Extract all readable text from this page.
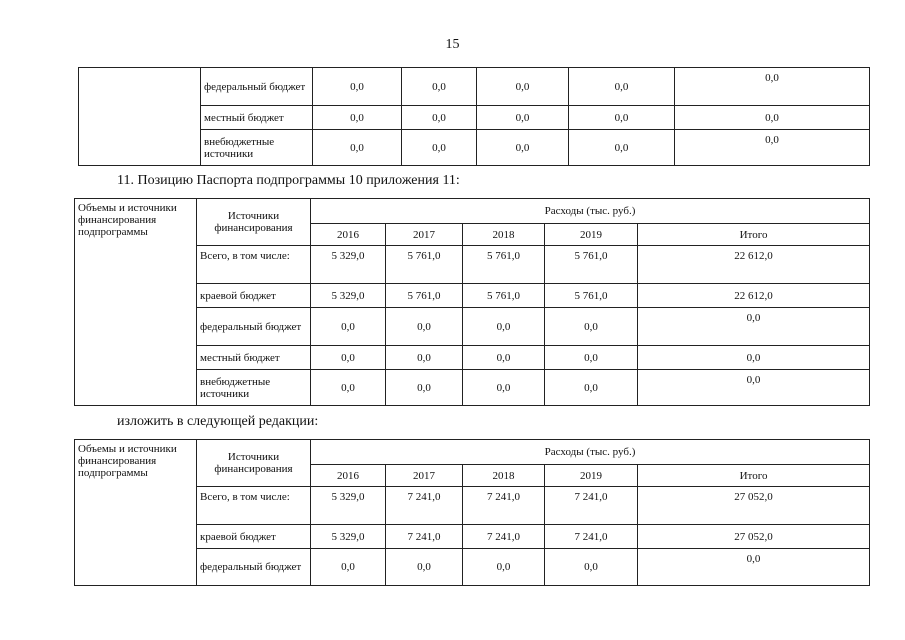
15
	федеральный бюджет	0,0	0,0	0,0	0,0	0,0
	местный бюджет	0,0	0,0	0,0	0,0	0,0
	внебюджетные источники	0,0	0,0	0,0	0,0	0,0
11. Позицию Паспорта подпрограммы 10 приложения 11:
Объемы и источники финансирования подпрограммы	Источники финансирования	Расходы (тыс. руб.)				
		2016	2017	2018	2019	Итого
	Всего, в том числе:	5 329,0	5 761,0	5 761,0	5 761,0	22 612,0
	краевой бюджет	5 329,0	5 761,0	5 761,0	5 761,0	22 612,0
	федеральный бюджет	0,0	0,0	0,0	0,0	0,0
	местный бюджет	0,0	0,0	0,0	0,0	0,0
	внебюджетные источники	0,0	0,0	0,0	0,0	0,0
изложить в следующей редакции:
Объемы и источники финансирования подпрограммы	Источники финансирования	Расходы (тыс. руб.)				
		2016	2017	2018	2019	Итого
	Всего, в том числе:	5 329,0	7 241,0	7 241,0	7 241,0	27 052,0
	краевой бюджет	5 329,0	7 241,0	7 241,0	7 241,0	27 052,0
	федеральный бюджет	0,0	0,0	0,0	0,0	0,0
